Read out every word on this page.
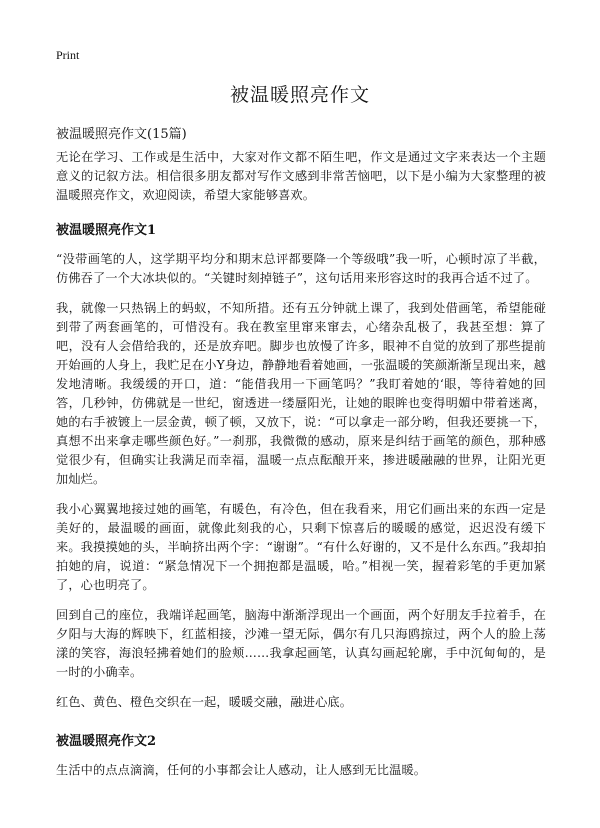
Print
被温暖照亮作文

被温暖照亮作文(15篇)

无论在学习、工作或是生活中，大家对作文都不陌生吧，作文是通过文字来表达一个主题意义的记叙方法。相信很多朋友都对写作文感到非常苦恼吧，以下是小编为大家整理的被温暖照亮作文，欢迎阅读，希望大家能够喜欢。

被温暖照亮作文1

“没带画笔的人，这学期平均分和期末总评都要降一个等级哦”我一听，心顿时凉了半截，仿佛吞了一个大冰块似的。“关键时刻掉链子”，这句话用来形容这时的我再合适不过了。

我，就像一只热锅上的蚂蚁，不知所措。还有五分钟就上课了，我到处借画笔，希望能碰到带了两套画笔的，可惜没有。我在教室里窜来窜去，心绪杂乱极了，我甚至想：算了吧，没有人会借给我的，还是放弃吧。脚步也放慢了许多，眼神不自觉的放到了那些提前开始画的人身上，我贮足在小Y身边，静静地看着她画，一张温暖的笑颜渐渐呈现出来，越发地清晰。我缓缓的开口，道：“能借我用一下画笔吗？”我盯着她的‘眼，等待着她的回答，几秒钟，仿佛就是一世纪，窗透进一缕蜃阳光，让她的眼眸也变得明媚中带着迷离，她的右手被镀上一层金黄，顿了顿，又放下，说：“可以拿走一部分哟，但我还要挑一下，真想不出来拿走哪些颜色好。”一刹那，我微微的感动，原来是纠结于画笔的颜色，那种感觉很少有，但确实让我满足而幸福，温暖一点点酝酿开来，掺进暖融融的世界，让阳光更加灿烂。

我小心翼翼地接过她的画笔，有暖色，有冷色，但在我看来，用它们画出来的东西一定是美好的，最温暖的画面，就像此刻我的心，只剩下惊喜后的暖暖的感觉，迟迟没有缓下来。我摸摸她的头，半晌挤出两个字：“谢谢”。“有什么好谢的，又不是什么东西。”我却拍拍她的肩，说道：“紧急情况下一个拥抱都是温暖，哈。”相视一笑，握着彩笔的手更加紧了，心也明亮了。

回到自己的座位，我端详起画笔，脑海中渐渐浮现出一个画面，两个好朋友手拉着手，在夕阳与大海的辉映下，红蓝相接，沙滩一望无际，偶尔有几只海鸥掠过，两个人的脸上荡漾的笑容，海浪轻拂着她们的脸颊……我拿起画笔，认真勾画起轮廓，手中沉甸甸的，是一时的小确幸。

红色、黄色、橙色交织在一起，暖暖交融，融进心底。

被温暖照亮作文2

生活中的点点滴滴，任何的小事都会让人感动，让人感到无比温暖。
